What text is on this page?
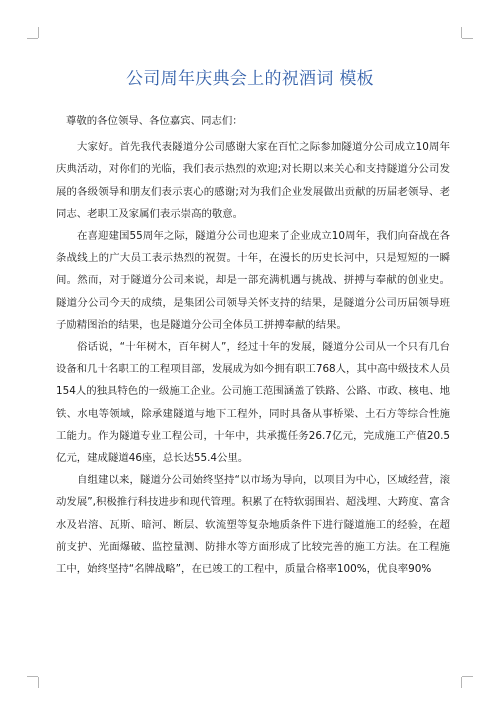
公司周年庆典会上的祝酒词 模板

尊敬的各位领导、各位嘉宾、同志们：

大家好。首先我代表隧道分公司感谢大家在百忙之际参加隧道分公司成立10周年庆典活动，对你们的光临，我们表示热烈的欢迎;对长期以来关心和支持隧道分公司发展的各级领导和朋友们表示衷心的感谢;对为我们企业发展做出贡献的历届老领导、老同志、老职工及家属们表示崇高的敬意。

在喜迎建国55周年之际，隧道分公司也迎来了企业成立10周年，我们向奋战在各条战线上的广大员工表示热烈的祝贺。十年，在漫长的历史长河中，只是短短的一瞬间。然而，对于隧道分公司来说，却是一部充满机遇与挑战、拼搏与奉献的创业史。隧道分公司今天的成绩，是集团公司领导关怀支持的结果，是隧道分公司历届领导班子励精图治的结果，也是隧道分公司全体员工拼搏奉献的结果。

俗话说，“十年树木，百年树人”，经过十年的发展，隧道分公司从一个只有几台设备和几十名职工的工程项目部，发展成为如今拥有职工768人，其中高中级技术人员154人的独具特色的一级施工企业。公司施工范围涵盖了铁路、公路、市政、核电、地铁、水电等领域，除承建隧道与地下工程外，同时具备从事桥梁、土石方等综合性施工能力。作为隧道专业工程公司，十年中，共承揽任务26.7亿元，完成施工产值20.5亿元，建成隧道46座，总长达55.4公里。

自组建以来，隧道分公司始终坚持“以市场为导向，以项目为中心，区域经营，滚动发展”,积极推行科技进步和现代管理。积累了在特软弱围岩、超浅埋、大跨度、富含水及岩溶、瓦斯、暗河、断层、软流塑等复杂地质条件下进行隧道施工的经验，在超前支护、光面爆破、监控量测、防排水等方面形成了比较完善的施工方法。在工程施工中，始终坚持“名牌战略”，在已竣工的工程中，质量合格率100%，优良率90%
